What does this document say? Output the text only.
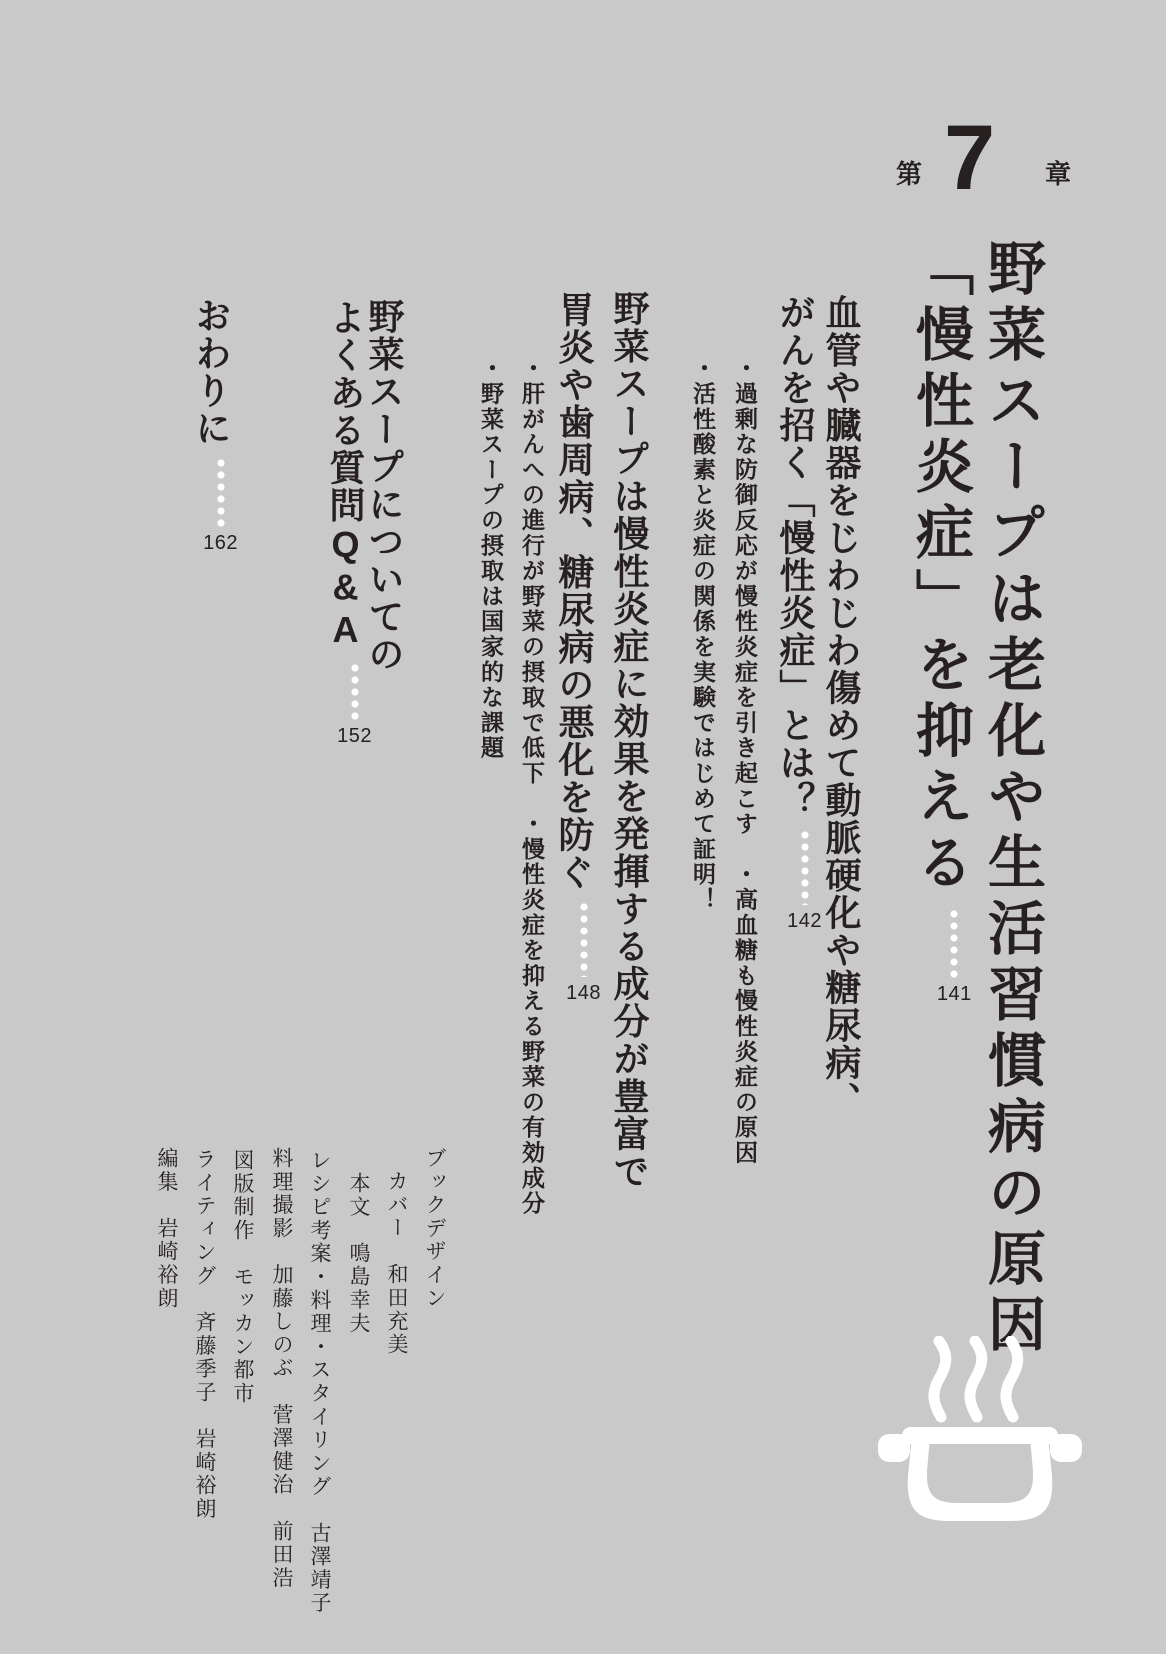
第 7 章
野菜スープは老化や生活習慣病の原因
「慢性炎症」を抑える141
血管や臓器をじわじわ傷めて動脈硬化や糖尿病、
がんを招く「慢性炎症」とは？142
・過剰な防御反応が慢性炎症を引き起こす　・高血糖も慢性炎症の原因
・活性酸素と炎症の関係を実験ではじめて証明！
野菜スープは慢性炎症に効果を発揮する成分が豊富で
胃炎や歯周病、糖尿病の悪化を防ぐ148
・肝がんへの進行が野菜の摂取で低下　・慢性炎症を抑える野菜の有効成分
・野菜スープの摂取は国家的な課題
野菜スープについての
よくある質問Q&A152
おわりに162
ブックデザイン
カバー　和田充美
本文　鳴島幸夫
レシピ考案・料理・スタイリング　古澤靖子
料理撮影　加藤しのぶ　菅澤健治　前田浩
図版制作　モッカン都市
ライティング　斉藤季子　岩崎裕朗
編集　岩崎裕朗
